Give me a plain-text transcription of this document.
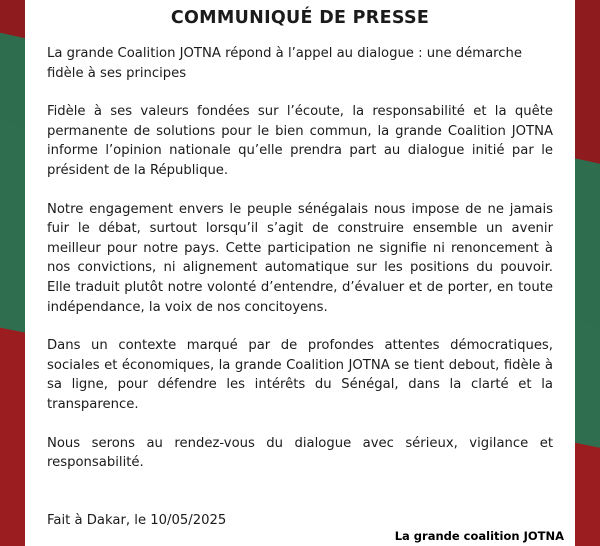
COMMUNIQUÉ DE PRESSE

La grande Coalition JOTNA répond à l’appel au dialogue : une démarche fidèle à ses principes

Fidèle à ses valeurs fondées sur l’écoute, la responsabilité et la quête permanente de solutions pour le bien commun, la grande Coalition JOTNA informe l’opinion nationale qu’elle prendra part au dialogue initié par le président de la République.

Notre engagement envers le peuple sénégalais nous impose de ne jamais fuir le débat, surtout lorsqu’il s’agit de construire ensemble un avenir meilleur pour notre pays. Cette participation ne signifie ni renoncement à nos convictions, ni alignement automatique sur les positions du pouvoir. Elle traduit plutôt notre volonté d’entendre, d’évaluer et de porter, en toute indépendance, la voix de nos concitoyens.

Dans un contexte marqué par de profondes attentes démocratiques, sociales et économiques, la grande Coalition JOTNA se tient debout, fidèle à sa ligne, pour défendre les intérêts du Sénégal, dans la clarté et la transparence.

Nous serons au rendez-vous du dialogue avec sérieux, vigilance et responsabilité.

Fait à Dakar, le 10/05/2025
La grande coalition JOTNA
